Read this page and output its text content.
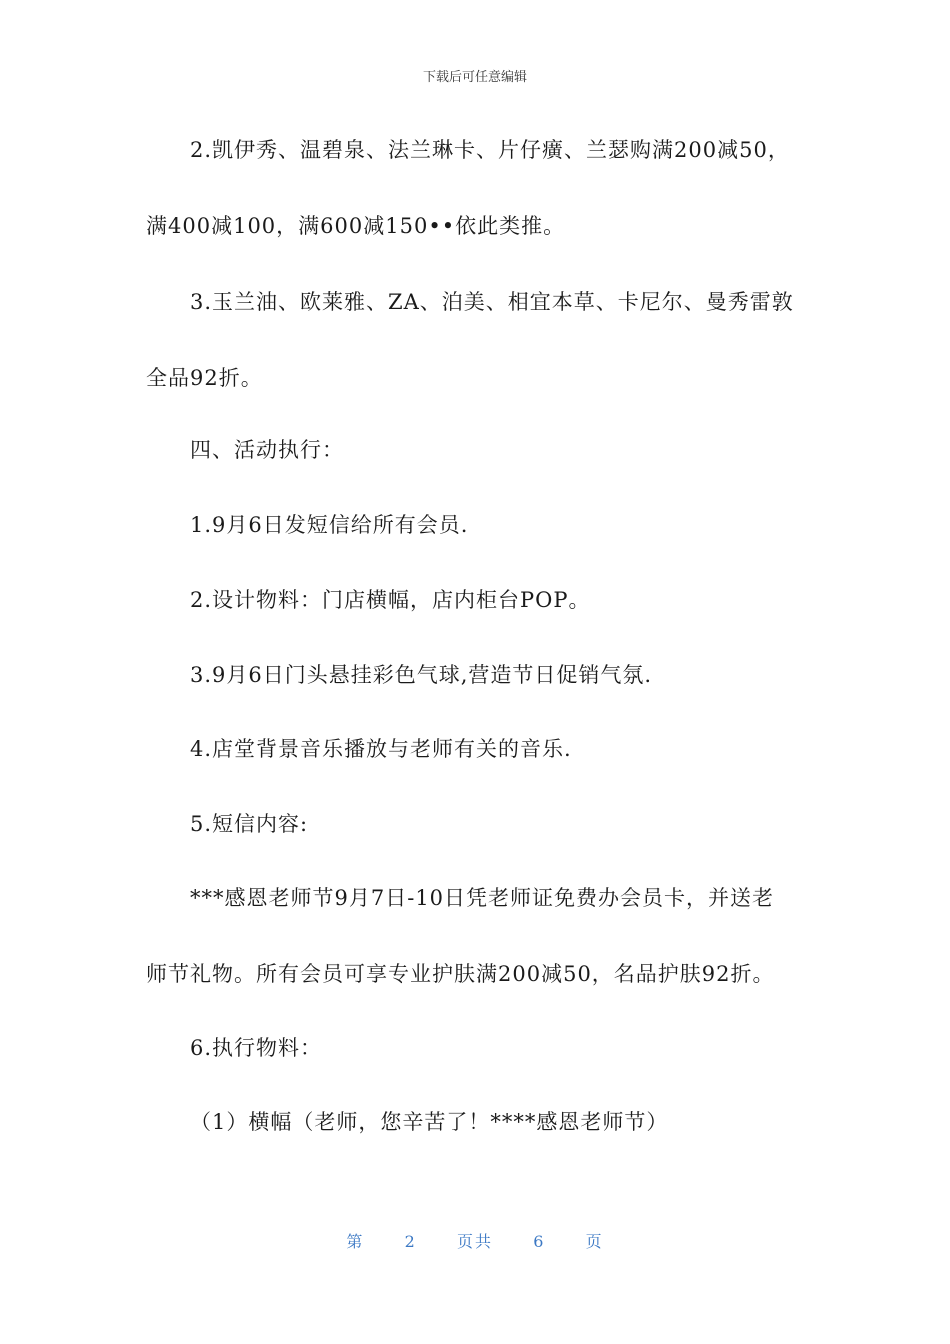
下载后可任意编辑
2.凯伊秀、温碧泉、法兰琳卡、片仔癀、兰瑟购满200减50，
满400减100，满600减150••依此类推。
3.玉兰油、欧莱雅、ZA、泊美、相宜本草、卡尼尔、曼秀雷敦
全品92折。
四、活动执行：
1.9月6日发短信给所有会员.
2.设计物料：门店横幅，店内柜台POP。
3.9月6日门头悬挂彩色气球,营造节日促销气氛.
4.店堂背景音乐播放与老师有关的音乐.
5.短信内容:
***感恩老师节9月7日-10日凭老师证免费办会员卡，并送老
师节礼物。所有会员可享专业护肤满200减50，名品护肤92折。
6.执行物料：
（1）横幅（老师，您辛苦了！****感恩老师节）
第	2	页共	6	页
